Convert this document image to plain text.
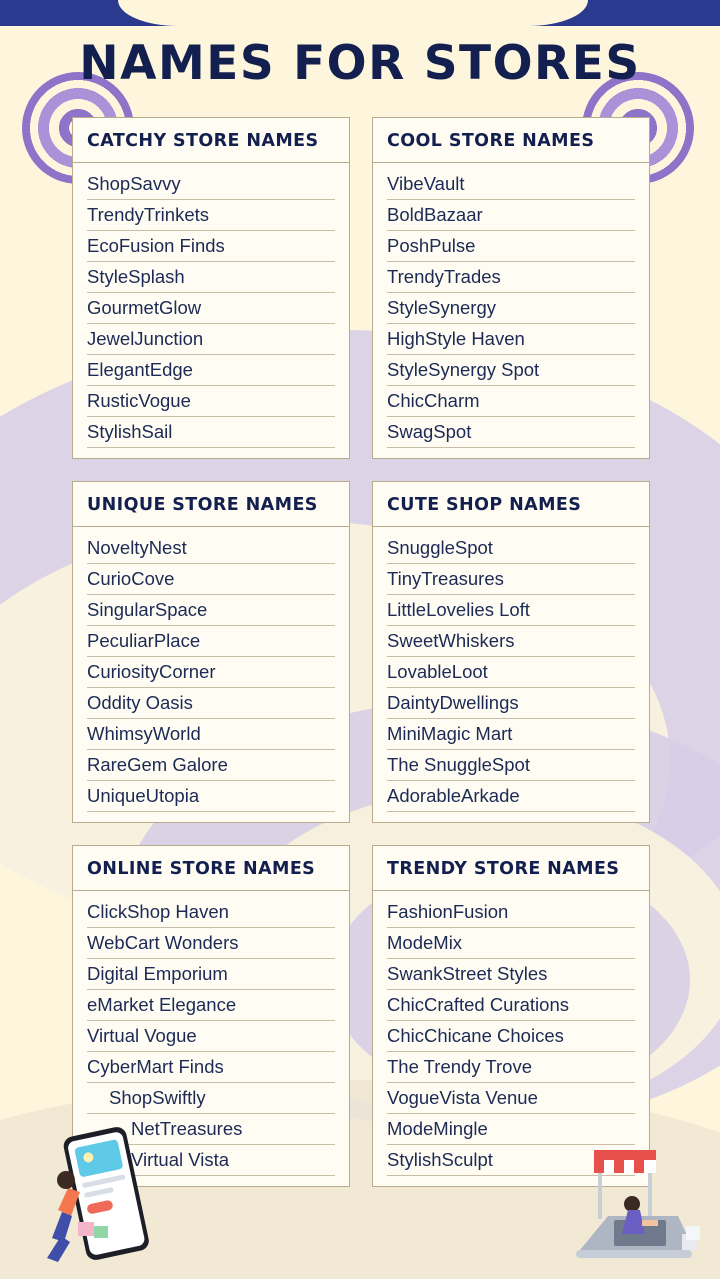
NAMES FOR STORES
CATCHY STORE NAMES
ShopSavvy
TrendyTrinkets
EcoFusion Finds
StyleSplash
GourmetGlow
JewelJunction
ElegantEdge
RusticVogue
StylishSail
COOL STORE NAMES
VibeVault
BoldBazaar
PoshPulse
TrendyTrades
StyleSynergy
HighStyle Haven
StyleSynergy Spot
ChicCharm
SwagSpot
UNIQUE STORE NAMES
NoveltyNest
CurioCove
SingularSpace
PeculiarPlace
CuriosityCorner
Oddity Oasis
WhimsyWorld
RareGem Galore
UniqueUtopia
CUTE SHOP NAMES
SnuggleSpot
TinyTreasures
LittleLovelies Loft
SweetWhiskers
LovableLoot
DaintyDwellings
MiniMagic Mart
The SnuggleSpot
AdorableArkade
ONLINE STORE NAMES
ClickShop Haven
WebCart Wonders
Digital Emporium
eMarket Elegance
Virtual Vogue
CyberMart Finds
ShopSwiftly
NetTreasures
Virtual Vista
TRENDY STORE NAMES
FashionFusion
ModeMix
SwankStreet Styles
ChicCrafted Curations
ChicChicane Choices
The Trendy Trove
VogueVista Venue
ModeMingle
StylishSculpt
